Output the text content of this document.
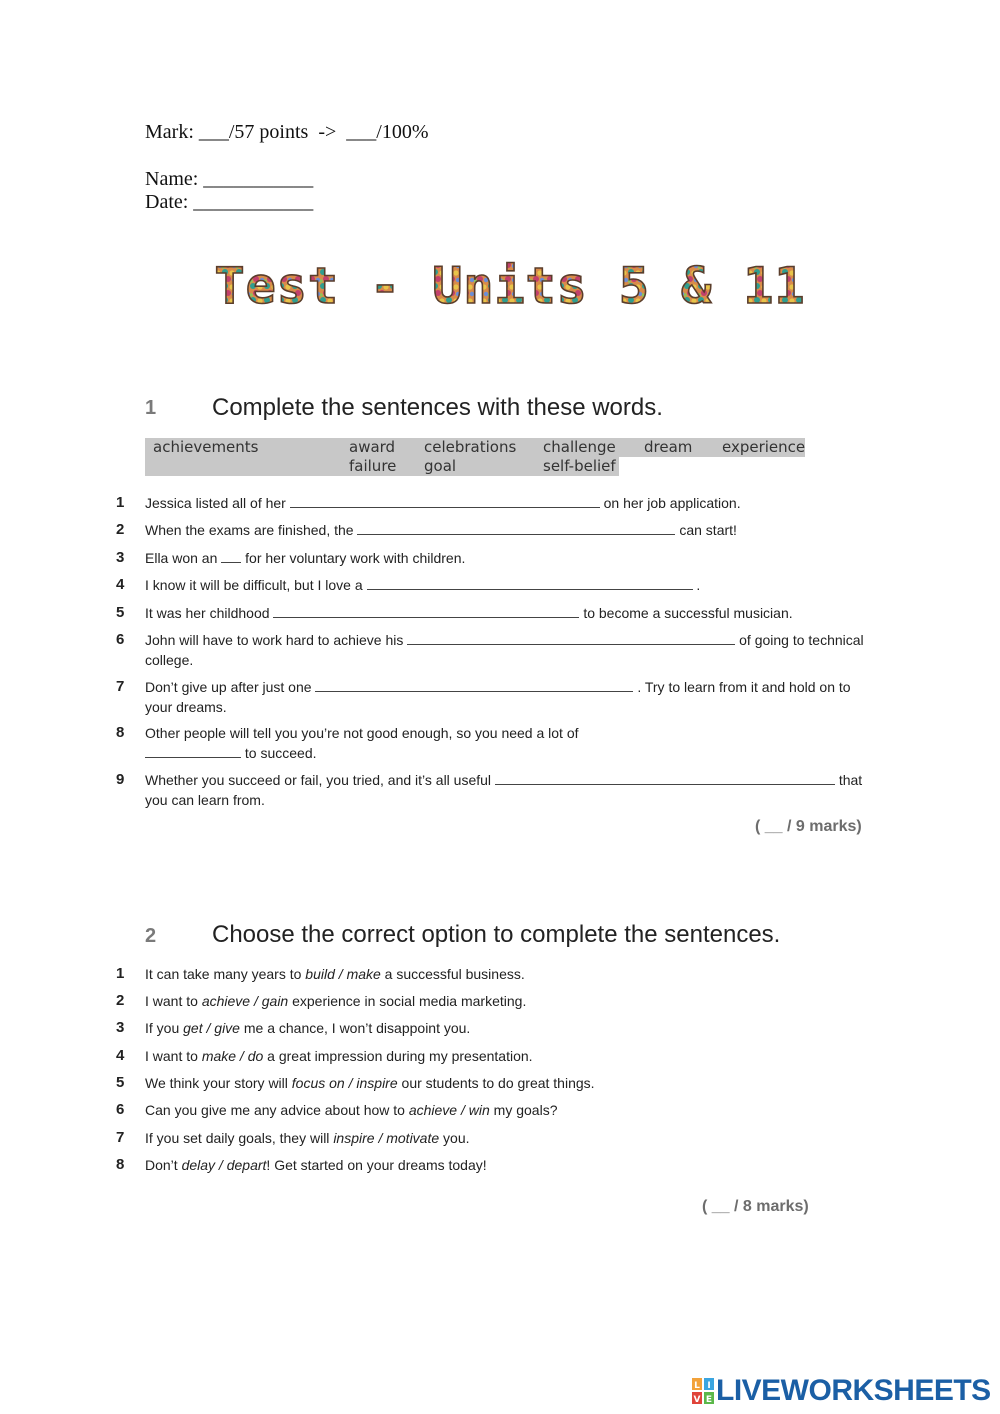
Mark: ___/57 points  ->  ___/100%
Name: ___________
Date: ____________
Test - Units 5 & 11
1 Complete the sentences with these words.
achievements	award celebrations challenge dream experience
failure goal	self-belief
1	Jessica listed all of her	on her job application.
2	When the exams are finished, the	can start!
3	Ella won an for her voluntary work with children.
4	I know it will be difficult, but I love a	.
5	It was her childhood	to become a successful musician.
6	John will have to work hard to achieve his	of going to technical college.
7	Don’t give up after just one	. Try to learn from it and hold on to your dreams.
8	Other people will tell you you’re not good enough, so you need a lot of  to succeed.
9	Whether you succeed or fail, you tried, and it’s all useful	that you can learn from.
( __ / 9 marks)
2 Choose the correct option to complete the sentences.
1	It can take many years to build / make a successful business.
2	I want to achieve / gain experience in social media marketing.
3	If you get / give me a chance, I won’t disappoint you.
4	I want to make / do a great impression during my presentation.
5	We think your story will focus on / inspire our students to do great things.
6	Can you give me any advice about how to achieve / win my goals?
7	If you set daily goals, they will inspire / motivate you.
8	Don’t delay / depart! Get started on your dreams today!
( __ / 8 marks)
L I
V E LIVEWORKSHEETS
